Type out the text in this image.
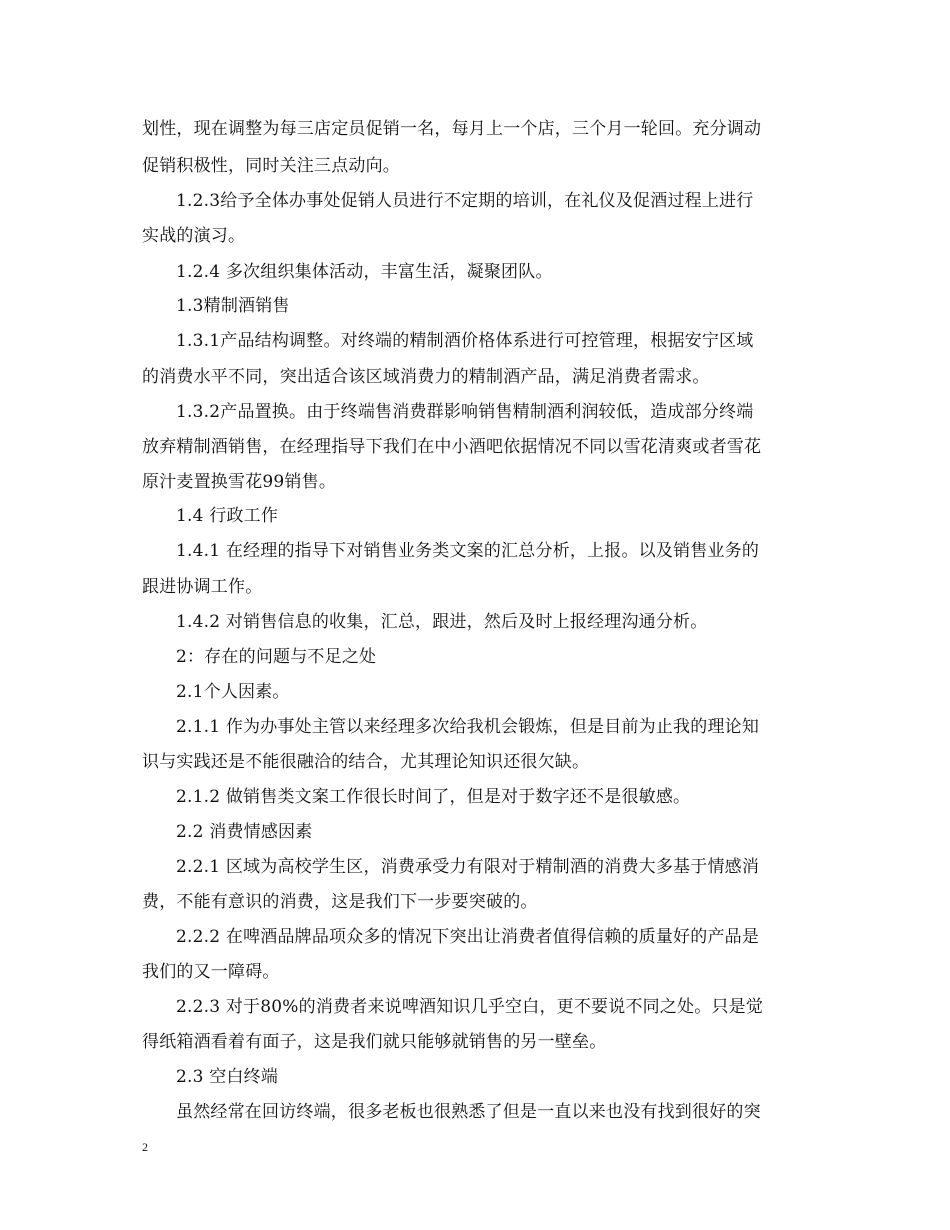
划性，现在调整为每三店定员促销一名，每月上一个店，三个月一轮回。充分调动
促销积极性，同时关注三点动向。
1.2.3给予全体办事处促销人员进行不定期的培训，在礼仪及促酒过程上进行
实战的演习。
1.2.4 多次组织集体活动，丰富生活，凝聚团队。
1.3精制酒销售
1.3.1产品结构调整。对终端的精制酒价格体系进行可控管理，根据安宁区域
的消费水平不同，突出适合该区域消费力的精制酒产品，满足消费者需求。
1.3.2产品置换。由于终端售消费群影响销售精制酒利润较低，造成部分终端
放弃精制酒销售，在经理指导下我们在中小酒吧依据情况不同以雪花清爽或者雪花
原汁麦置换雪花99销售。
1.4 行政工作
1.4.1 在经理的指导下对销售业务类文案的汇总分析，上报。以及销售业务的
跟进协调工作。
1.4.2 对销售信息的收集，汇总，跟进，然后及时上报经理沟通分析。
2：存在的问题与不足之处
2.1个人因素。
2.1.1 作为办事处主管以来经理多次给我机会锻炼，但是目前为止我的理论知
识与实践还是不能很融洽的结合，尤其理论知识还很欠缺。
2.1.2 做销售类文案工作很长时间了，但是对于数字还不是很敏感。
2.2 消费情感因素
2.2.1 区域为高校学生区，消费承受力有限对于精制酒的消费大多基于情感消
费，不能有意识的消费，这是我们下一步要突破的。
2.2.2 在啤酒品牌品项众多的情况下突出让消费者值得信赖的质量好的产品是
我们的又一障碍。
2.2.3 对于80%的消费者来说啤酒知识几乎空白，更不要说不同之处。只是觉
得纸箱酒看着有面子，这是我们就只能够就销售的另一壁垒。
2.3 空白终端
虽然经常在回访终端，很多老板也很熟悉了但是一直以来也没有找到很好的突
2
